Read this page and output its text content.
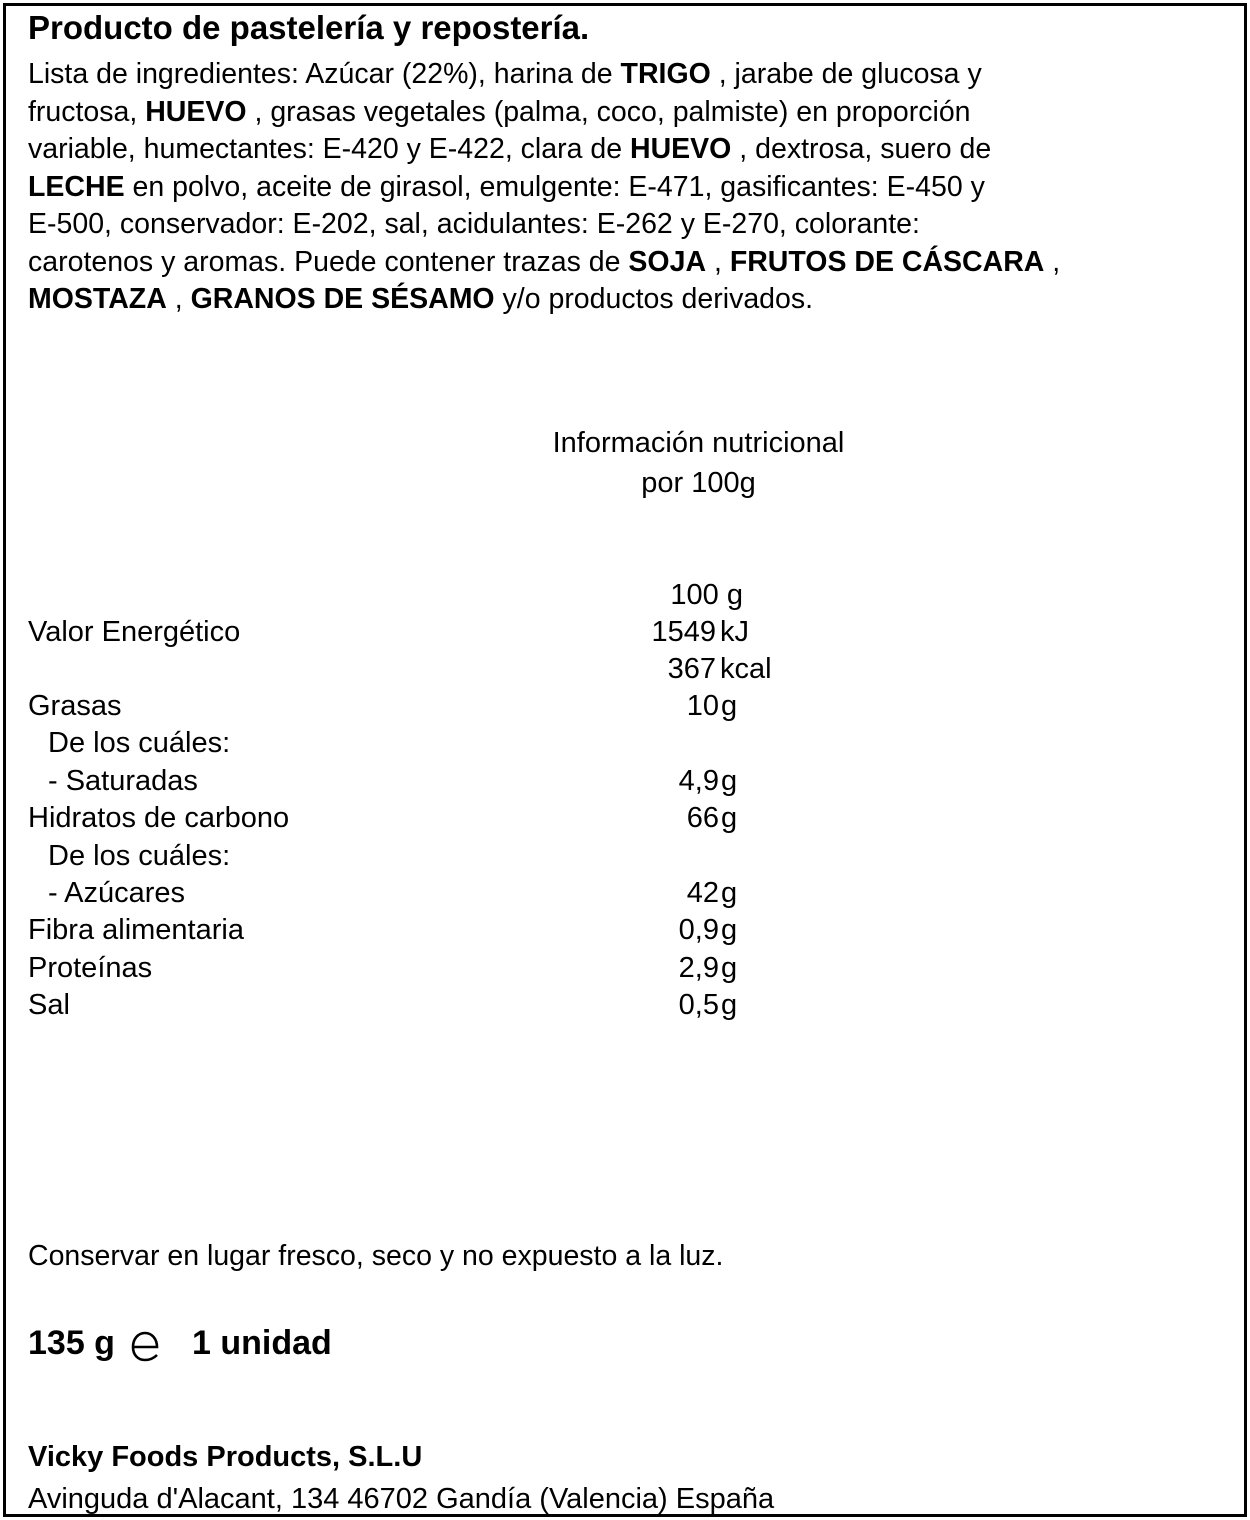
Producto de pastelería y repostería.
Lista de ingredientes: Azúcar (22%), harina de TRIGO , jarabe de glucosa y
fructosa, HUEVO , grasas vegetales (palma, coco, palmiste) en proporción
variable, humectantes: E-420 y E-422, clara de HUEVO , dextrosa, suero de
LECHE en polvo, aceite de girasol, emulgente: E-471, gasificantes: E-450 y
E-500, conservador: E-202, sal, acidulantes: E-262 y E-270, colorante:
carotenos y aromas. Puede contener trazas de SOJA , FRUTOS DE CÁSCARA ,
MOSTAZA , GRANOS DE SÉSAMO y/o productos derivados.
Información nutricional
por 100g
100 g
Valor Energético	1549 kJ
367 kcal
Grasas	10 g
De los cuáles:
- Saturadas	4,9 g
Hidratos de carbono	66 g
De los cuáles:
- Azúcares	42 g
Fibra alimentaria	0,9 g
Proteínas	2,9 g
Sal	0,5 g
Conservar en lugar fresco, seco y no expuesto a la luz.
135 g 1 unidad
Vicky Foods Products, S.L.U
Avinguda d'Alacant, 134 46702 Gandía (Valencia) España
